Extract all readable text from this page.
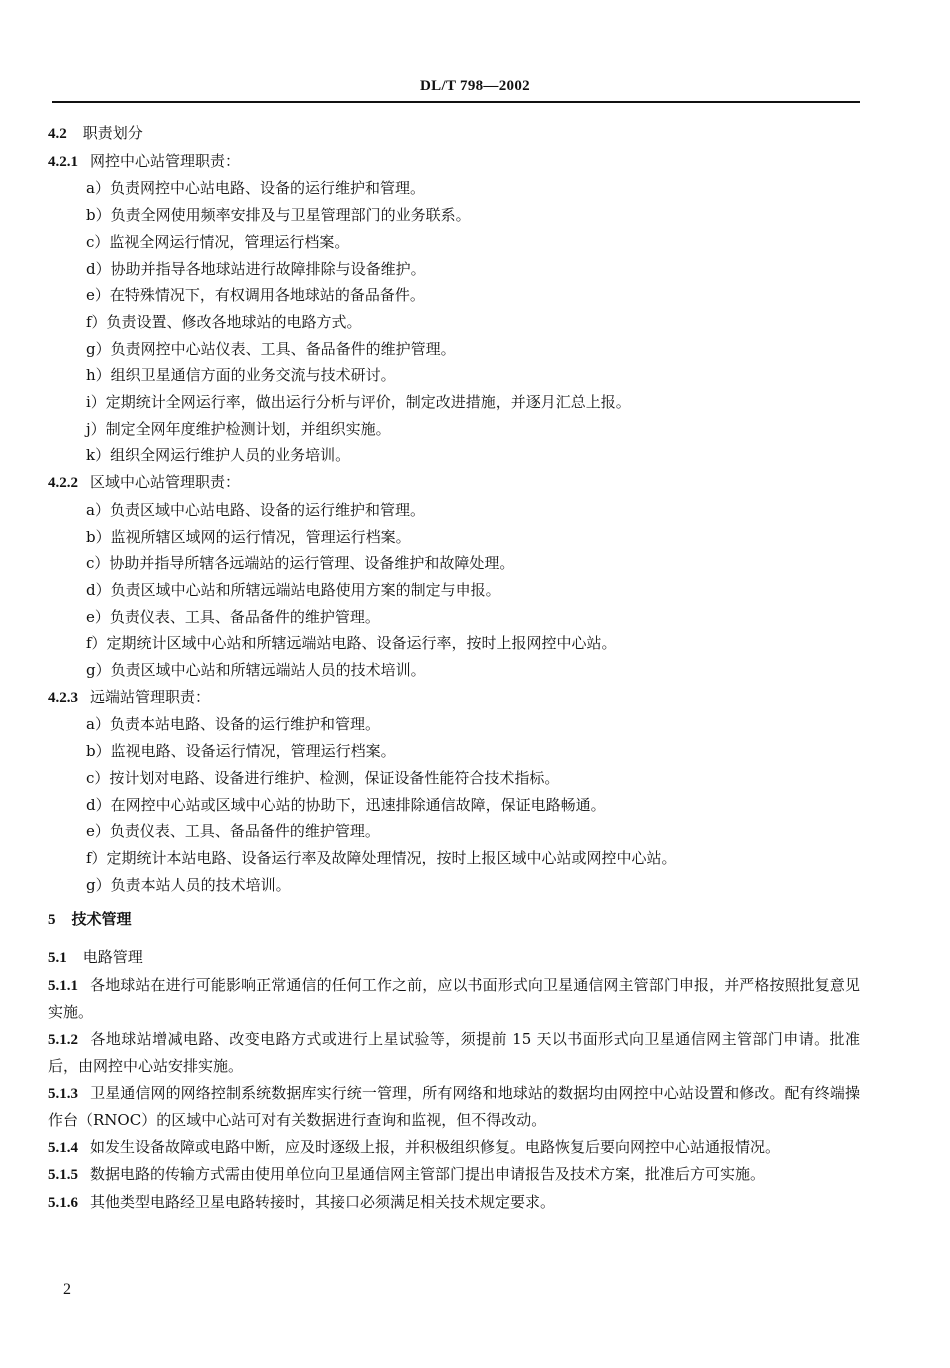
DL/T 798—2002
4.2 职责划分
4.2.1 网控中心站管理职责：
a）负责网控中心站电路、设备的运行维护和管理。
b）负责全网使用频率安排及与卫星管理部门的业务联系。
c）监视全网运行情况，管理运行档案。
d）协助并指导各地球站进行故障排除与设备维护。
e）在特殊情况下，有权调用各地球站的备品备件。
f）负责设置、修改各地球站的电路方式。
g）负责网控中心站仪表、工具、备品备件的维护管理。
h）组织卫星通信方面的业务交流与技术研讨。
i）定期统计全网运行率，做出运行分析与评价，制定改进措施，并逐月汇总上报。
j）制定全网年度维护检测计划，并组织实施。
k）组织全网运行维护人员的业务培训。
4.2.2 区域中心站管理职责：
a）负责区域中心站电路、设备的运行维护和管理。
b）监视所辖区域网的运行情况，管理运行档案。
c）协助并指导所辖各远端站的运行管理、设备维护和故障处理。
d）负责区域中心站和所辖远端站电路使用方案的制定与申报。
e）负责仪表、工具、备品备件的维护管理。
f）定期统计区域中心站和所辖远端站电路、设备运行率，按时上报网控中心站。
g）负责区域中心站和所辖远端站人员的技术培训。
4.2.3 远端站管理职责：
a）负责本站电路、设备的运行维护和管理。
b）监视电路、设备运行情况，管理运行档案。
c）按计划对电路、设备进行维护、检测，保证设备性能符合技术指标。
d）在网控中心站或区域中心站的协助下，迅速排除通信故障，保证电路畅通。
e）负责仪表、工具、备品备件的维护管理。
f）定期统计本站电路、设备运行率及故障处理情况，按时上报区域中心站或网控中心站。
g）负责本站人员的技术培训。
5 技术管理
5.1 电路管理
5.1.1 各地球站在进行可能影响正常通信的任何工作之前，应以书面形式向卫星通信网主管部门申报，并严格按照批复意见实施。
5.1.2 各地球站增减电路、改变电路方式或进行上星试验等，须提前 15 天以书面形式向卫星通信网主管部门申请。批准后，由网控中心站安排实施。
5.1.3 卫星通信网的网络控制系统数据库实行统一管理，所有网络和地球站的数据均由网控中心站设置和修改。配有终端操作台（RNOC）的区域中心站可对有关数据进行查询和监视，但不得改动。
5.1.4 如发生设备故障或电路中断，应及时逐级上报，并积极组织修复。电路恢复后要向网控中心站通报情况。
5.1.5 数据电路的传输方式需由使用单位向卫星通信网主管部门提出申请报告及技术方案，批准后方可实施。
5.1.6 其他类型电路经卫星电路转接时，其接口必须满足相关技术规定要求。
2
